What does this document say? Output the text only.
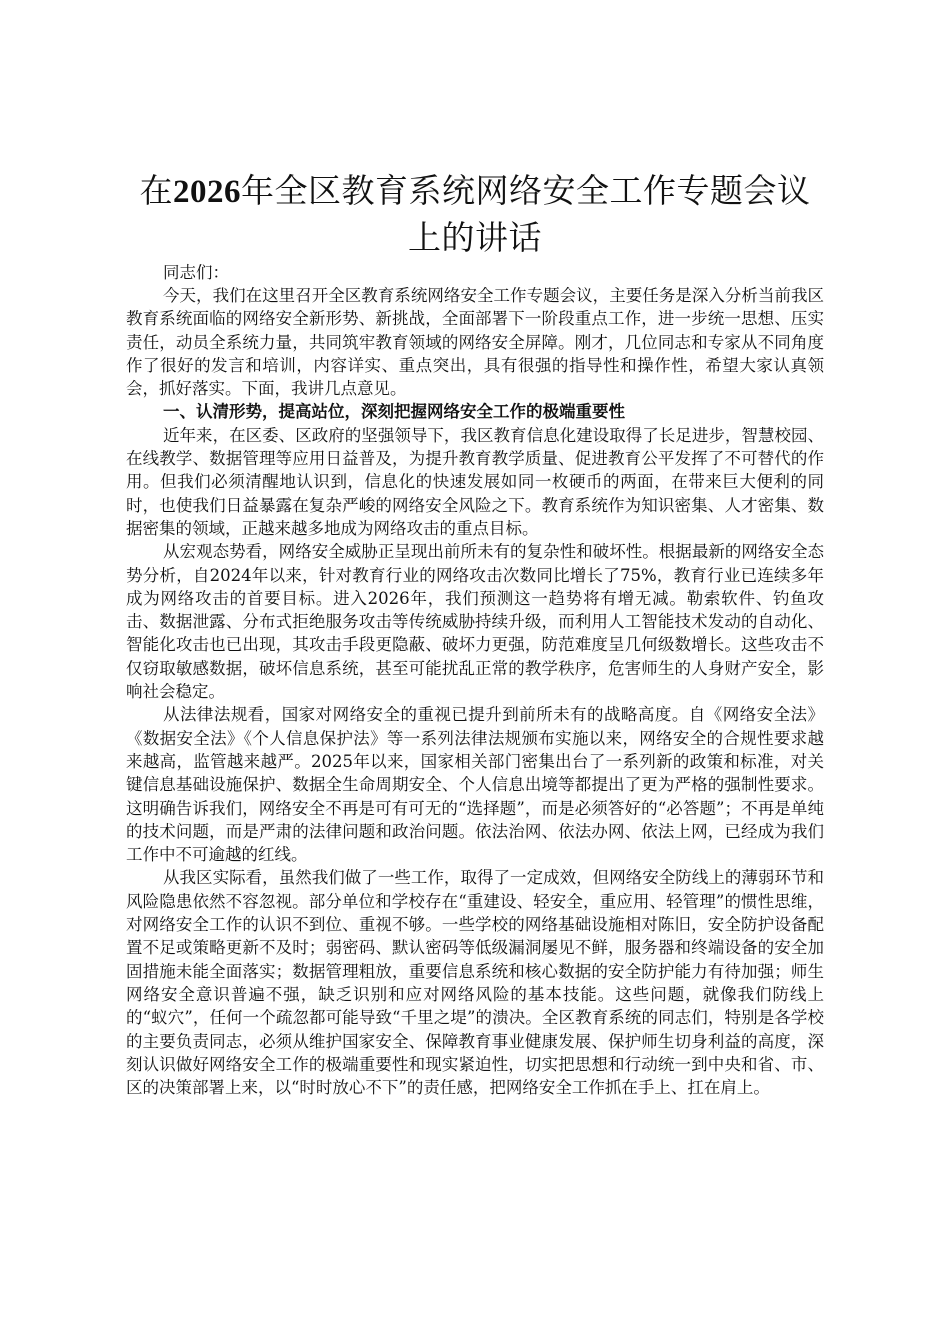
在2026年全区教育系统网络安全工作专题会议上的讲话

同志们：

今天，我们在这里召开全区教育系统网络安全工作专题会议，主要任务是深入分析当前我区教育系统面临的网络安全新形势、新挑战，全面部署下一阶段重点工作，进一步统一思想、压实责任，动员全系统力量，共同筑牢教育领域的网络安全屏障。刚才，几位同志和专家从不同角度作了很好的发言和培训，内容详实、重点突出，具有很强的指导性和操作性，希望大家认真领会，抓好落实。下面，我讲几点意见。

一、认清形势，提高站位，深刻把握网络安全工作的极端重要性

近年来，在区委、区政府的坚强领导下，我区教育信息化建设取得了长足进步，智慧校园、在线教学、数据管理等应用日益普及，为提升教育教学质量、促进教育公平发挥了不可替代的作用。但我们必须清醒地认识到，信息化的快速发展如同一枚硬币的两面，在带来巨大便利的同时，也使我们日益暴露在复杂严峻的网络安全风险之下。教育系统作为知识密集、人才密集、数据密集的领域，正越来越多地成为网络攻击的重点目标。

从宏观态势看，网络安全威胁正呈现出前所未有的复杂性和破坏性。根据最新的网络安全态势分析，自2024年以来，针对教育行业的网络攻击次数同比增长了75%，教育行业已连续多年成为网络攻击的首要目标。进入2026年，我们预测这一趋势将有增无减。勒索软件、钓鱼攻击、数据泄露、分布式拒绝服务攻击等传统威胁持续升级，而利用人工智能技术发动的自动化、智能化攻击也已出现，其攻击手段更隐蔽、破坏力更强，防范难度呈几何级数增长。这些攻击不仅窃取敏感数据，破坏信息系统，甚至可能扰乱正常的教学秩序，危害师生的人身财产安全，影响社会稳定。

从法律法规看，国家对网络安全的重视已提升到前所未有的战略高度。自《网络安全法》《数据安全法》《个人信息保护法》等一系列法律法规颁布实施以来，网络安全的合规性要求越来越高，监管越来越严。2025年以来，国家相关部门密集出台了一系列新的政策和标准，对关键信息基础设施保护、数据全生命周期安全、个人信息出境等都提出了更为严格的强制性要求。这明确告诉我们，网络安全不再是可有可无的“选择题”，而是必须答好的“必答题”；不再是单纯的技术问题，而是严肃的法律问题和政治问题。依法治网、依法办网、依法上网，已经成为我们工作中不可逾越的红线。

从我区实际看，虽然我们做了一些工作，取得了一定成效，但网络安全防线上的薄弱环节和风险隐患依然不容忽视。部分单位和学校存在“重建设、轻安全，重应用、轻管理”的惯性思维，对网络安全工作的认识不到位、重视不够。一些学校的网络基础设施相对陈旧，安全防护设备配置不足或策略更新不及时；弱密码、默认密码等低级漏洞屡见不鲜，服务器和终端设备的安全加固措施未能全面落实；数据管理粗放，重要信息系统和核心数据的安全防护能力有待加强；师生网络安全意识普遍不强，缺乏识别和应对网络风险的基本技能。这些问题，就像我们防线上的“蚁穴”，任何一个疏忽都可能导致“千里之堤”的溃决。全区教育系统的同志们，特别是各学校的主要负责同志，必须从维护国家安全、保障教育事业健康发展、保护师生切身利益的高度，深刻认识做好网络安全工作的极端重要性和现实紧迫性，切实把思想和行动统一到中央和省、市、区的决策部署上来，以“时时放心不下”的责任感，把网络安全工作抓在手上、扛在肩上。
